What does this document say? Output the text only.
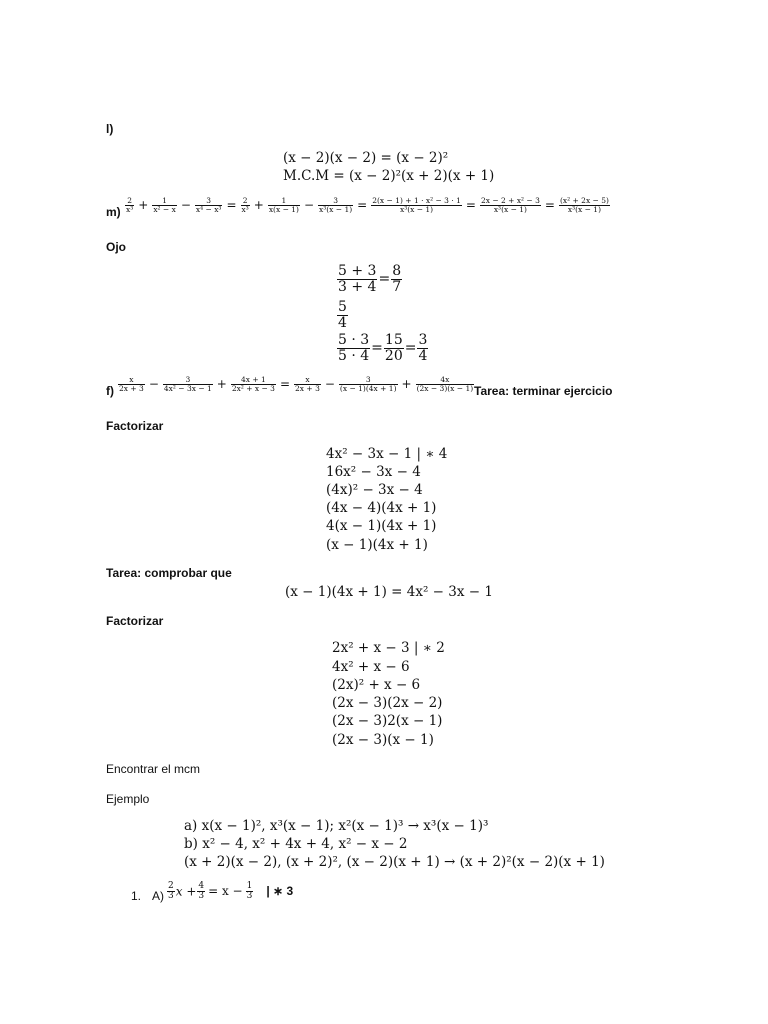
l)
(x − 2)(x − 2) = (x − 2)²
M.C.M = (x − 2)²(x + 2)(x + 1)
$m) \frac{2}{\text{x³}} + \frac{1}{\text{x² − x}} - \frac{3}{\text{x⁴ − x³}} = \frac{2}{\text{x³}} + \frac{1}{x(x - 1)} - \frac{3}{\text{x³(x − 1)}} = \frac{\text{2(x − 1) + 1 · x² − 3 · 1}}{\text{x³(x − 1)}} = \frac{\text{2x − 2 + x² − 3}}{\text{x³(x − 1)}} = \frac{\text{(x² + 2x − 5)}}{\text{x³(x − 1)}}$
Ojo
$\frac{5 + 3}{3 + 4} = \frac{8}{7}$
$\frac{5}{4}$
$\frac{5 \cdot 3}{5 \cdot 4} = \frac{15}{20} = \frac{3}{4}$
$f) \frac{x}{2x + 3} - \frac{3}{\text{4x² − 3x − 1}} + \frac{4x + 1}{\text{2x² + x − 3}} = \frac{x}{2x + 3} - \frac{3}{(x - 1)(4x + 1)} + \frac{4x}{(2x - 3)(x - 1)}$ Tarea: terminar ejercicio
Factorizar
4x² − 3x − 1 | ∗ 4
16x² − 3x − 4
(4x)² − 3x − 4
(4x − 4)(4x + 1)
4(x − 1)(4x + 1)
(x − 1)(4x + 1)
Tarea: comprobar que
(x − 1)(4x + 1) = 4x² − 3x − 1
Factorizar
2x² + x − 3 | ∗ 2
4x² + x − 6
(2x)² + x − 6
(2x − 3)(2x − 2)
(2x − 3)2(x − 1)
(2x − 3)(x − 1)
Encontrar el mcm
Ejemplo
a) x(x − 1)², x³(x − 1); x²(x − 1)³ → x³(x − 1)³
b) x² − 4, x² + 4x + 4, x² − x − 2
(x + 2)(x − 2), (x + 2)², (x − 2)(x + 1) → (x + 2)²(x − 2)(x + 1)
1. $A) \frac{2}{3}$ $x + \frac{4}{3} = x - \frac{1}{3}$ | ∗ 3
